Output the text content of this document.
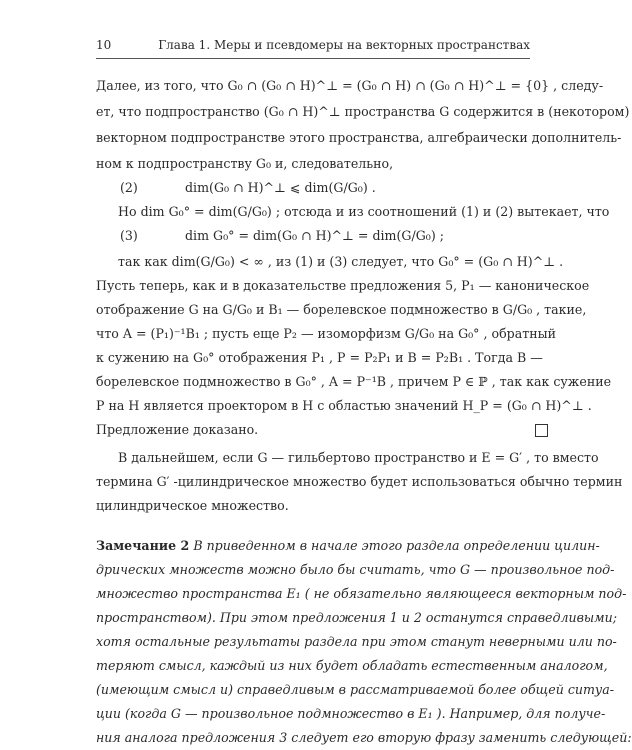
10	Глава 1. Меры и псевдомеры на векторных пространствах
Далее, из того, что G₀ ∩ (G₀ ∩ H)^⊥ = (G₀ ∩ H) ∩ (G₀ ∩ H)^⊥ = {0} , следу-
ет, что подпространство (G₀ ∩ H)^⊥ пространства G содержится в (некотором)
векторном подпространстве этого пространства, алгебраически дополнитель-
ном к подпространству G₀ и, следовательно,
(2)	dim(G₀ ∩ H)^⊥ ⩽ dim(G/G₀) .
Но dim G₀° = dim(G/G₀) ; отсюда и из соотношений (1) и (2) вытекает, что
(3)	dim G₀° = dim(G₀ ∩ H)^⊥ = dim(G/G₀) ;
так как dim(G/G₀) < ∞ , из (1) и (3) следует, что G₀° = (G₀ ∩ H)^⊥ .
Пусть теперь, как и в доказательстве предложения 5, P₁ — каноническое
отображение G на G/G₀ и B₁ — борелевское подмножество в G/G₀ , такие,
что A = (P₁)⁻¹B₁ ; пусть еще P₂ — изоморфизм G/G₀ на G₀° , обратный
к сужению на G₀° отображения P₁ , P = P₂P₁ и B = P₂B₁ . Тогда B —
борелевское подмножество в G₀° , A = P⁻¹B , причем P ∈ ℙ , так как сужение
P на H является проектором в H с областью значений H_P = (G₀ ∩ H)^⊥ .
Предложение доказано.
В дальнейшем, если G — гильбертово пространство и E = G′ , то вместо
термина G′ -цилиндрическое множество будет использоваться обычно термин
цилиндрическое множество.
Замечание 2 В приведенном в начале этого раздела определении цилин-
дрических множеств можно было бы считать, что G — произвольное под-
множество пространства E₁ ( не обязательно являющееся векторным под-
пространством). При этом предложения 1 и 2 останутся справедливыми;
хотя остальные результаты раздела при этом станут неверными или по-
теряют смысл, каждый из них будет обладать естественным аналогом,
(имеющим смысл и) справедливым в рассматриваемой более общей ситуа-
ции (когда G — произвольное подмножество в E₁ ). Например, для получе-
ния аналога предложения 3 следует его вторую фразу заменить следующей:
